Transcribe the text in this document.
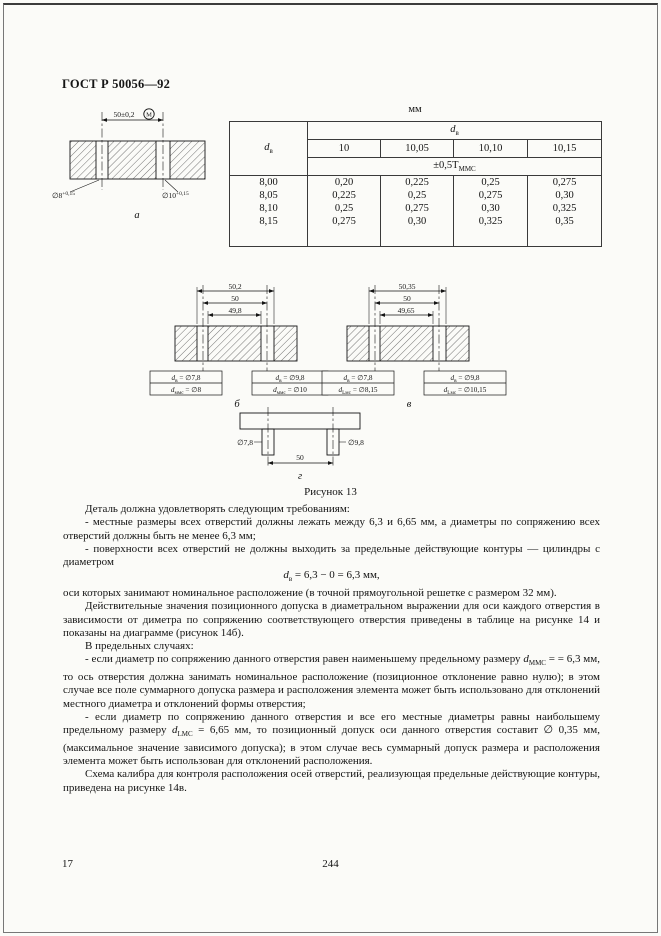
ГОСТ Р 50056—92
50±0,2 М
$\emptyset 8^{+0,15}$	$\emptyset 10^{+0,15}$
а
мм
$d_в$	$d_в$
	10	10,05	10,10	10,15
	$\pm 0,5T_{ММС}$
8,00	0,20	0,225	0,25	0,275
8,05	0,225	0,25	0,275	0,30
8,10	0,25	0,275	0,30	0,325
8,15	0,275	0,30	0,325	0,35
50,2
50
49,8
$d_в$ = ∅7,8
$d_{ммс}$ = ∅8
$d_в$ = ∅9,8
$d_{ммс}$ = ∅10
б
50,35
50
49,65
$d_в$ = ∅7,8
$d_{Lмс}$ = ∅8,15
$d_в$ = ∅9,8
$d_{Lмс}$ = ∅10,15
в
∅7,8	∅9,8
50
г
Рисунок 13

Деталь должна удовлетворять следующим требованиям:

- местные размеры всех отверстий должны лежать между 6,3 и 6,65 мм, а диаметры по сопряжению всех отверстий должны быть не менее 6,3 мм;

- поверхности всех отверстий не должны выходить за предельные действующие контуры — цилиндры с диаметром

$d_в = 6,3 - 0 = 6,3$ мм,

оси которых занимают номинальное расположение (в точной прямоугольной решетке с размером 32 мм).

Действительные значения позиционного допуска в диаметральном выражении для оси каждого отверстия в зависимости от диметра по сопряжению соответствующего отверстия приведены в таблице на рисунке 14 и показаны на диаграмме (рисунок 14б).

В предельных случаях:

- если диаметр по сопряжению данного отверстия равен наименьшему предельному размеру $d_{ММС}$ = = 6,3 мм, то ось отверстия должна занимать номинальное расположение (позиционное отклонение равно нулю); в этом случае все поле суммарного допуска размера и расположения элемента может быть использовано для отклонений местного диаметра и отклонений формы отверстия;

- если диаметр по сопряжению данного отверстия и все его местные диаметры равны наибольшему предельному размеру $d_{LМС} = 6,65$ мм, то позиционный допуск оси данного отверстия составит ∅ 0,35 мм, (максимальное значение зависимого допуска); в этом случае весь суммарный допуск размера и расположения элемента может быть использован для отклонений расположения.

Схема калибра для контроля расположения осей отверстий, реализующая предельные действующие контуры, приведена на рисунке 14в.

17	244
